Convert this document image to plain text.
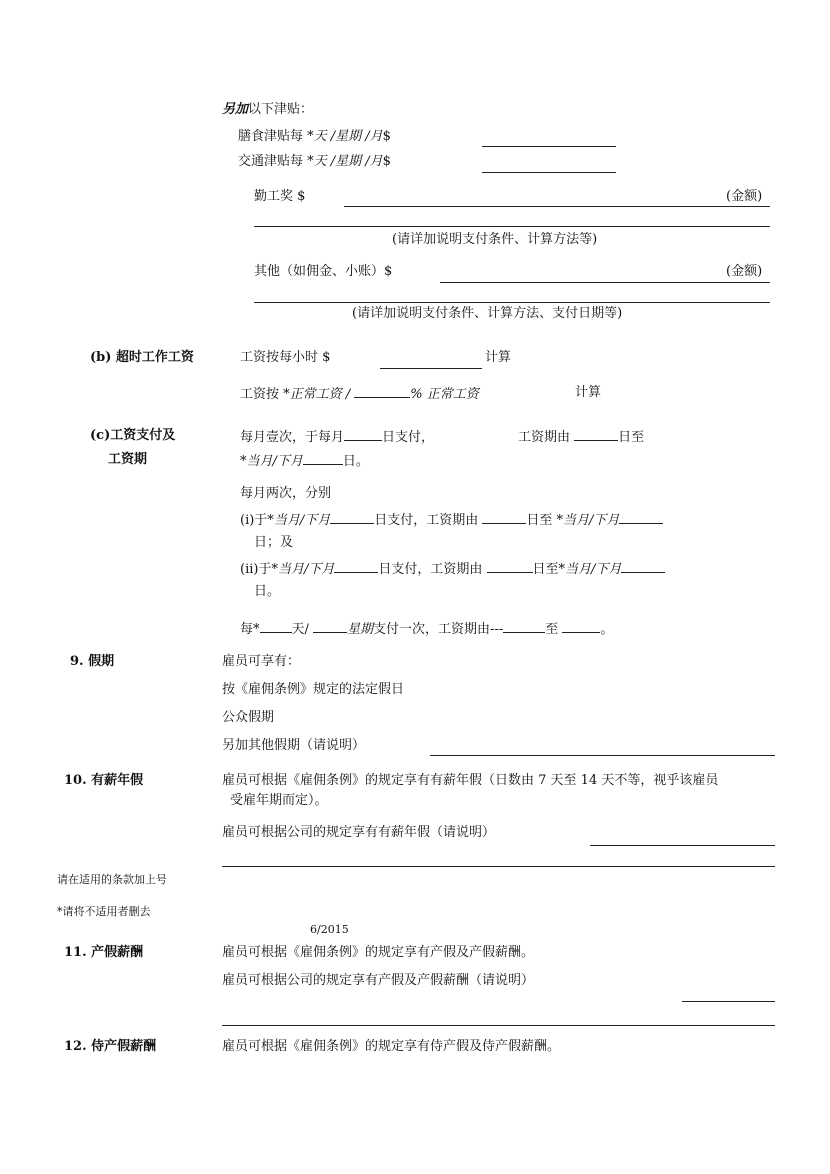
另加以下津贴：
膳食津贴每 *天 /星期 /月$
交通津贴每 *天 /星期 /月$
勤工奖 $	(金额)
(请详加说明支付条件、计算方法等)
其他（如佣金、小账）$	(金额)
(请详加说明支付条件、计算方法、支付日期等)
(b) 超时工作工资	工资按每小时 $	计算
工资按 *正常工资 /	% 正常工资	计算
(c)工资支付及
工资期
每月壹次，于每月	日支付，	工资期由	日至
*当月/下月	日。
每月两次，分别
(i)于*当月/下月	日支付，工资期由	日至 *当月/下月
日；及
(ii)于*当月/下月	日支付，工资期由	日至*当月/下月
日。
每* 天/	星期支付一次，工资期由---	至	。
9. 假期	雇员可享有：
按《雇佣条例》规定的法定假日
公众假期
另加其他假期（请说明）
10. 有薪年假	雇员可根据《雇佣条例》的规定享有有薪年假（日数由 7 天至 14 天不等，视乎该雇员
受雇年期而定）。
雇员可根据公司的规定享有有薪年假（请说明）
请在适用的条款加上号
*请将不适用者删去
6/2015
11. 产假薪酬	雇员可根据《雇佣条例》的规定享有产假及产假薪酬。
雇员可根据公司的规定享有产假及产假薪酬（请说明）
12. 侍产假薪酬	雇员可根据《雇佣条例》的规定享有侍产假及侍产假薪酬。
